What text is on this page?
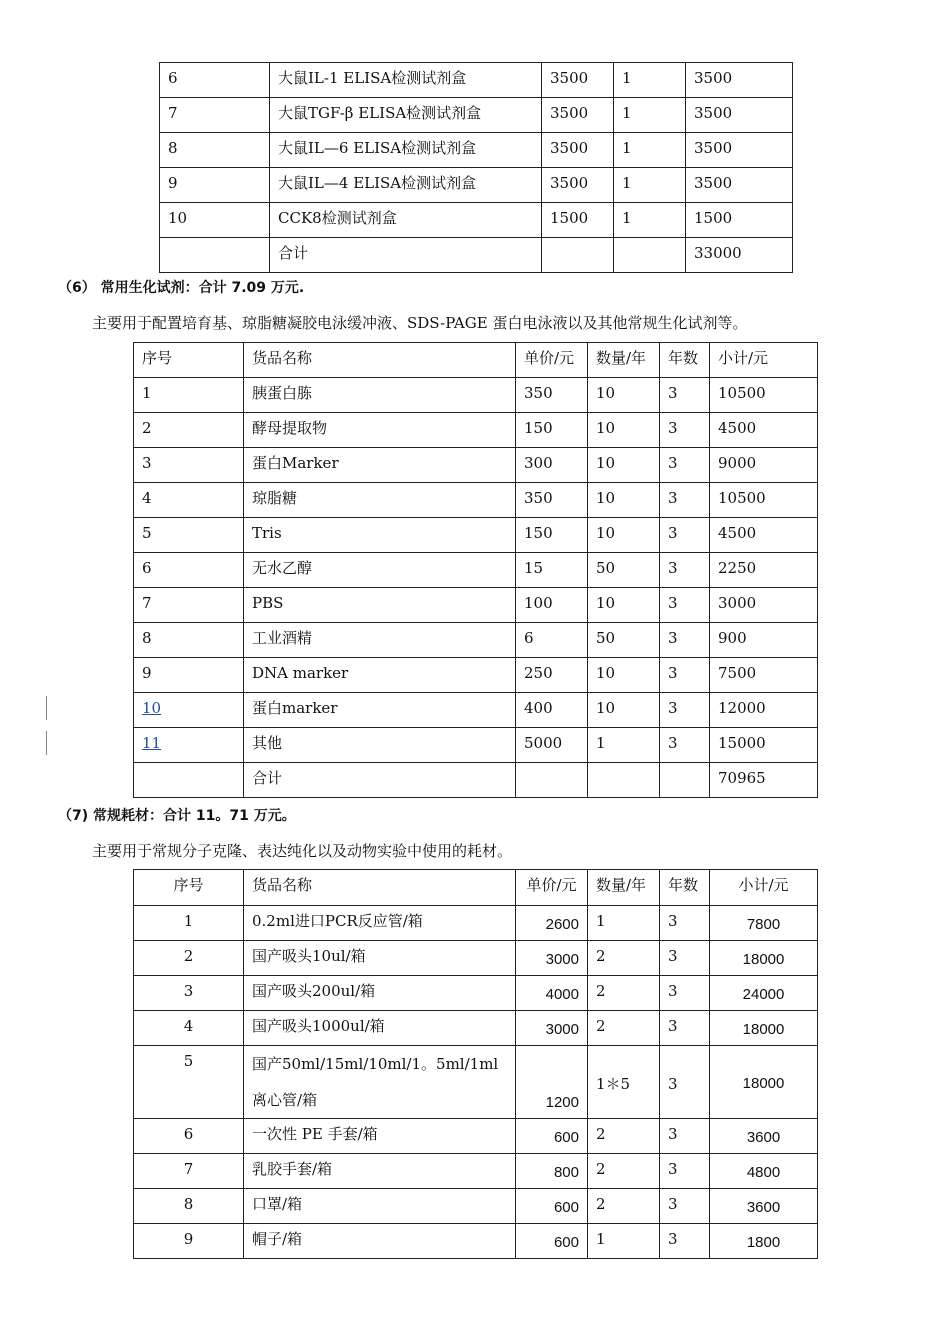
6	大鼠IL-1 ELISA检测试剂盒	3500	1	3500

7	大鼠TGF-β ELISA检测试剂盒	3500	1	3500

8	大鼠IL—6 ELISA检测试剂盒	3500	1	3500

9	大鼠IL—4 ELISA检测试剂盒	3500	1	3500

10	CCK8检测试剂盒	1500	1	1500

	合计			33000
（6） 常用生化试剂：合计 7.09 万元.
主要用于配置培育基、琼脂糖凝胶电泳缓冲液、SDS-PAGE 蛋白电泳液以及其他常规生化试剂等。
序号	货品名称	单价/元	数量/年	年数	小计/元

1	胰蛋白胨	350	10	3	10500

2	酵母提取物	150	10	3	4500

3	蛋白Marker	300	10	3	9000

4	琼脂糖	350	10	3	10500

5	Tris	150	10	3	4500

6	无水乙醇	15	50	3	2250

7	PBS	100	10	3	3000

8	工业酒精	6	50	3	900

9	DNA marker	250	10	3	7500

10	蛋白marker	400	10	3	12000

11	其他	5000	1	3	15000

	合计				70965
（7) 常规耗材：合计 11。71 万元。
主要用于常规分子克隆、表达纯化以及动物实验中使用的耗材。
序号	货品名称	单价/元	数量/年	年数	小计/元

1	0.2ml进口PCR反应管/箱	2600	1	3	7800

2	国产吸头10ul/箱	3000	2	3	18000

3	国产吸头200ul/箱	4000	2	3	24000

4	国产吸头1000ul/箱	3000	2	3	18000

5	国产50ml/15ml/10ml/1。5ml/1ml离心管/箱	1200	1＊5	3	18000

6	一次性 PE 手套/箱	600	2	3	3600

7	乳胶手套/箱	800	2	3	4800

8	口罩/箱	600	2	3	3600

9	帽子/箱	600	1	3	1800
